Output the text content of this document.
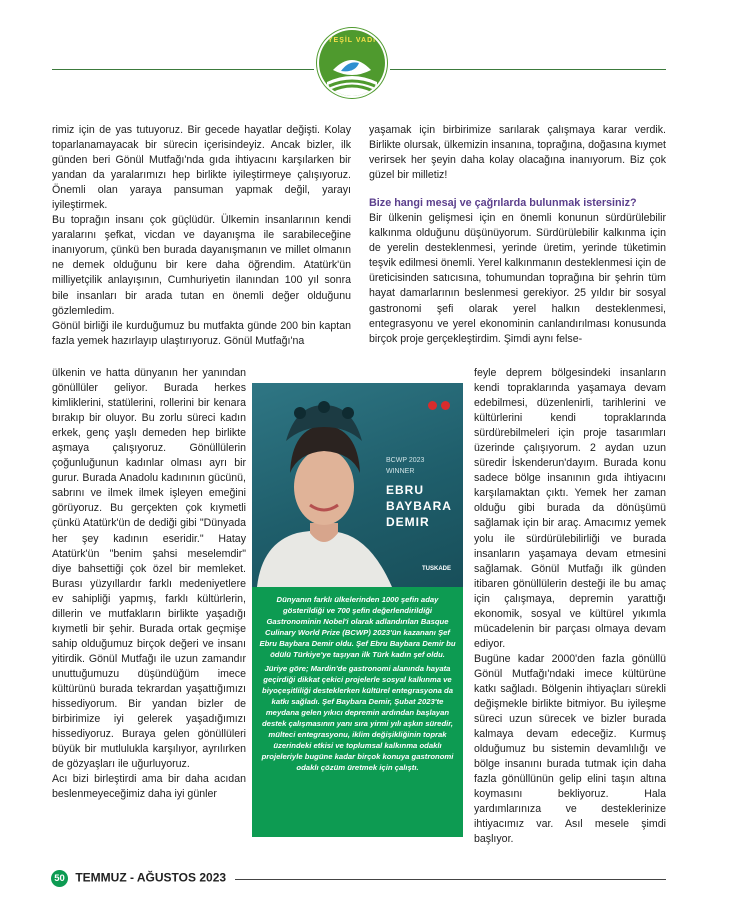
YEŞİL VADİ

rimiz için de yas tutuyoruz. Bir gecede hayatlar değişti. Kolay toparlanamayacak bir sürecin içerisindeyiz. Ancak bizler, ilk günden beri Gönül Mutfağı'nda gıda ihtiyacını karşılarken bir yandan da yaralarımızı hep birlikte iyileştirmeye çalışıyoruz. Önemli olan yaraya pansuman yapmak değil, yarayı iyileştirmek.

Bu toprağın insanı çok güçlüdür. Ülkemin insanlarının kendi yaralarını şefkat, vicdan ve dayanışma ile sarabileceğine inanıyorum, çünkü ben burada dayanışmanın ve millet olmanın ne demek olduğunu bir kere daha öğrendim. Atatürk'ün milliyetçilik anlayışının, Cumhuriyetin ilanından 100 yıl sonra bile insanları bir arada tutan en önemli değer olduğunu gözlemledim.

Gönül birliği ile kurduğumuz bu mutfakta günde 200 bin kaptan fazla yemek hazırlayıp ulaştırıyoruz. Gönül Mutfağı'na

ülkenin ve hatta dünyanın her yanından gönüllüler geliyor. Burada herkes kimliklerini, statülerini, rollerini bir kenara bırakıp bir oluyor. Bu zorlu süreci kadın erkek, genç yaşlı demeden hep birlikte aşmaya çalışıyoruz. Gönüllülerin çoğunluğunun kadınlar olması ayrı bir gurur. Burada Anadolu kadınının gücünü, sabrını ve ilmek ilmek işleyen emeğini görüyoruz. Bu gerçekten çok kıymetli çünkü Atatürk'ün de dediği gibi "Dünyada her şey kadının eseridir." Hatay Atatürk'ün "benim şahsi meselemdir" diye bahsettiği çok özel bir memleket. Burası yüzyıllardır farklı medeniyetlere ev sahipliği yapmış, farklı kültürlerin, dillerin ve mutfakların birlikte yaşadığı kıymetli bir şehir. Burada ortak geçmişe sahip olduğumuz birçok değeri ve insanı yitirdik. Gönül Mutfağı ile uzun zamandır unuttuğumuzu düşündüğüm imece kültürünü burada tekrardan yaşattığımızı hissediyorum. Bir yandan bizler de birbirimize iyi gelerek yaşadığımızı hissediyoruz. Buraya gelen gönüllüleri büyük bir mutlulukla karşılıyor, ayrılırken de gözyaşları ile uğurluyoruz.

Acı bizi birleştirdi ama bir daha acıdan beslenmeyeceğimiz daha iyi günler

yaşamak için birbirimize sarılarak çalışmaya karar verdik. Birlikte olursak, ülkemizin insanına, toprağına, doğasına kıymet verirsek her şeyin daha kolay olacağına inanıyorum. Biz çok güzel bir milletiz!

Bize hangi mesaj ve çağrılarda bulunmak istersiniz?

Bir ülkenin gelişmesi için en önemli konunun sürdürülebilir kalkınma olduğunu düşünüyorum. Sürdürülebilir kalkınma için de yerelin desteklenmesi, yerinde üretim, yerinde tüketimin teşvik edilmesi önemli. Yerel kalkınmanın desteklenmesi için de üreticisinden satıcısına, tohumundan toprağına bir şehrin tüm hayat damarlarının beslenmesi gerekiyor. 25 yıldır bir sosyal gastronomi şefi olarak yerel halkın desteklenmesi, entegrasyonu ve yerel ekonominin canlandırılması konusunda birçok proje gerçekleştirdim. Şimdi aynı felse-

feyle deprem bölgesindeki insanların kendi topraklarında yaşamaya devam edebilmesi, düzenlenirli, tarihlerini ve kültürlerini kendi topraklarında sürdürebilmeleri için proje tasarımları üzerinde çalışıyorum. 2 aydan uzun süredir İskenderun'dayım. Burada konu sadece bölge insanının gıda ihtiyacını karşılamaktan çıktı. Yemek her zaman olduğu gibi burada da dönüşümü sağlamak için bir araç. Amacımız yemek yolu ile sürdürülebilirliği ve burada insanların yaşamaya devam etmesini sağlamak. Gönül Mutfağı ilk günden itibaren gönüllülerin desteği ile bu amaç için çalışmaya, depremin yarattığı ekonomik, sosyal ve kültürel yıkımla mücadelenin bir parçası olmaya devam ediyor.

Bugüne kadar 2000'den fazla gönüllü Gönül Mutfağı'ndaki imece kültürüne katkı sağladı. Bölgenin ihtiyaçları sürekli değişmekle birlikte bitmiyor. Bu iyileşme süreci uzun sürecek ve bizler burada kalmaya devam edeceğiz. Kurmuş olduğumuz bu sistemin devamlılığı ve bölge insanını burada tutmak için daha fazla gönüllünün gelip elini taşın altına koymasını bekliyoruz. Hala yardımlarınıza ve desteklerinize ihtiyacımız var. Asıl mesele şimdi başlıyor.

BCWP 2023
WINNER
EBRU
BAYBARA
DEMIR

TUSKADE

Dünyanın farklı ülkelerinden 1000 şefin aday gösterildiği ve 700 şefin değerlendirildiği Gastronominin Nobel'i olarak adlandırılan Basque Culinary World Prize (BCWP) 2023'ün kazananı Şef Ebru Baybara Demir oldu. Şef Ebru Baybara Demir bu ödülü Türkiye'ye taşıyan ilk Türk kadın şef oldu.

Jüriye göre; Mardin'de gastronomi alanında hayata geçirdiği dikkat çekici projelerle sosyal kalkınma ve biyoçeşitliliği desteklerken kültürel entegrasyona da katkı sağladı. Şef Baybara Demir, Şubat 2023'te meydana gelen yıkıcı depremin ardından başlayan destek çalışmasının yanı sıra yirmi yılı aşkın süredir, mülteci entegrasyonu, iklim değişikliğinin toprak üzerindeki etkisi ve toplumsal kalkınma odaklı projeleriyle bugüne kadar birçok konuya gastronomi odaklı çözüm üretmek için çalıştı.

50 TEMMUZ - AĞUSTOS 2023
